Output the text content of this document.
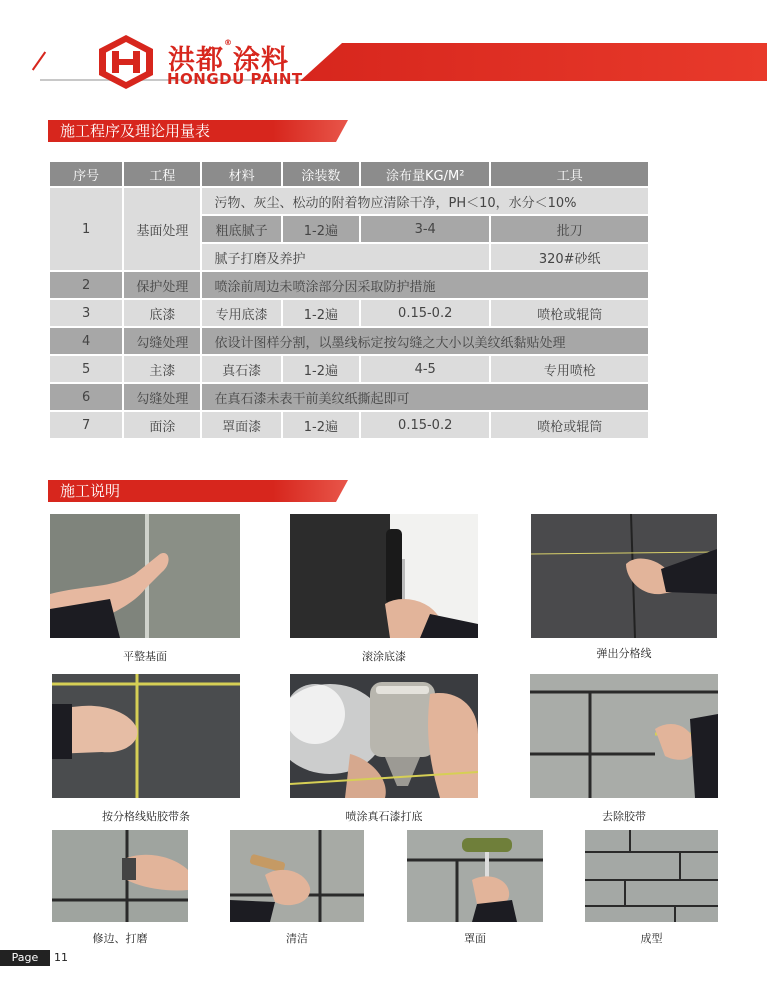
洪都®涂料
HONGDU PAINT
施工程序及理论用量表
序号	工程	材料	涂装数	涂布量KG/M²	工具
1	基面处理	污物、灰尘、松动的附着物应清除干净，PH＜10，水分＜10%			
		粗底腻子	1-2遍	3-4	批刀
		腻子打磨及养护			320#砂纸
2	保护处理	喷涂前周边未喷涂部分因采取防护措施			
3	底漆	专用底漆	1-2遍	0.15-0.2	喷枪或辊筒
4	勾缝处理	依设计图样分割，以墨线标定按勾缝之大小以美纹纸黏贴处理			
5	主漆	真石漆	1-2遍	4-5	专用喷枪
6	勾缝处理	在真石漆未表干前美纹纸撕起即可			
7	面涂	罩面漆	1-2遍	0.15-0.2	喷枪或辊筒
施工说明
平整基面	滚涂底漆	弹出分格线
按分格线贴胶带条	喷涂真石漆打底	去除胶带
修边、打磨	清洁	罩面	成型
Page	11
